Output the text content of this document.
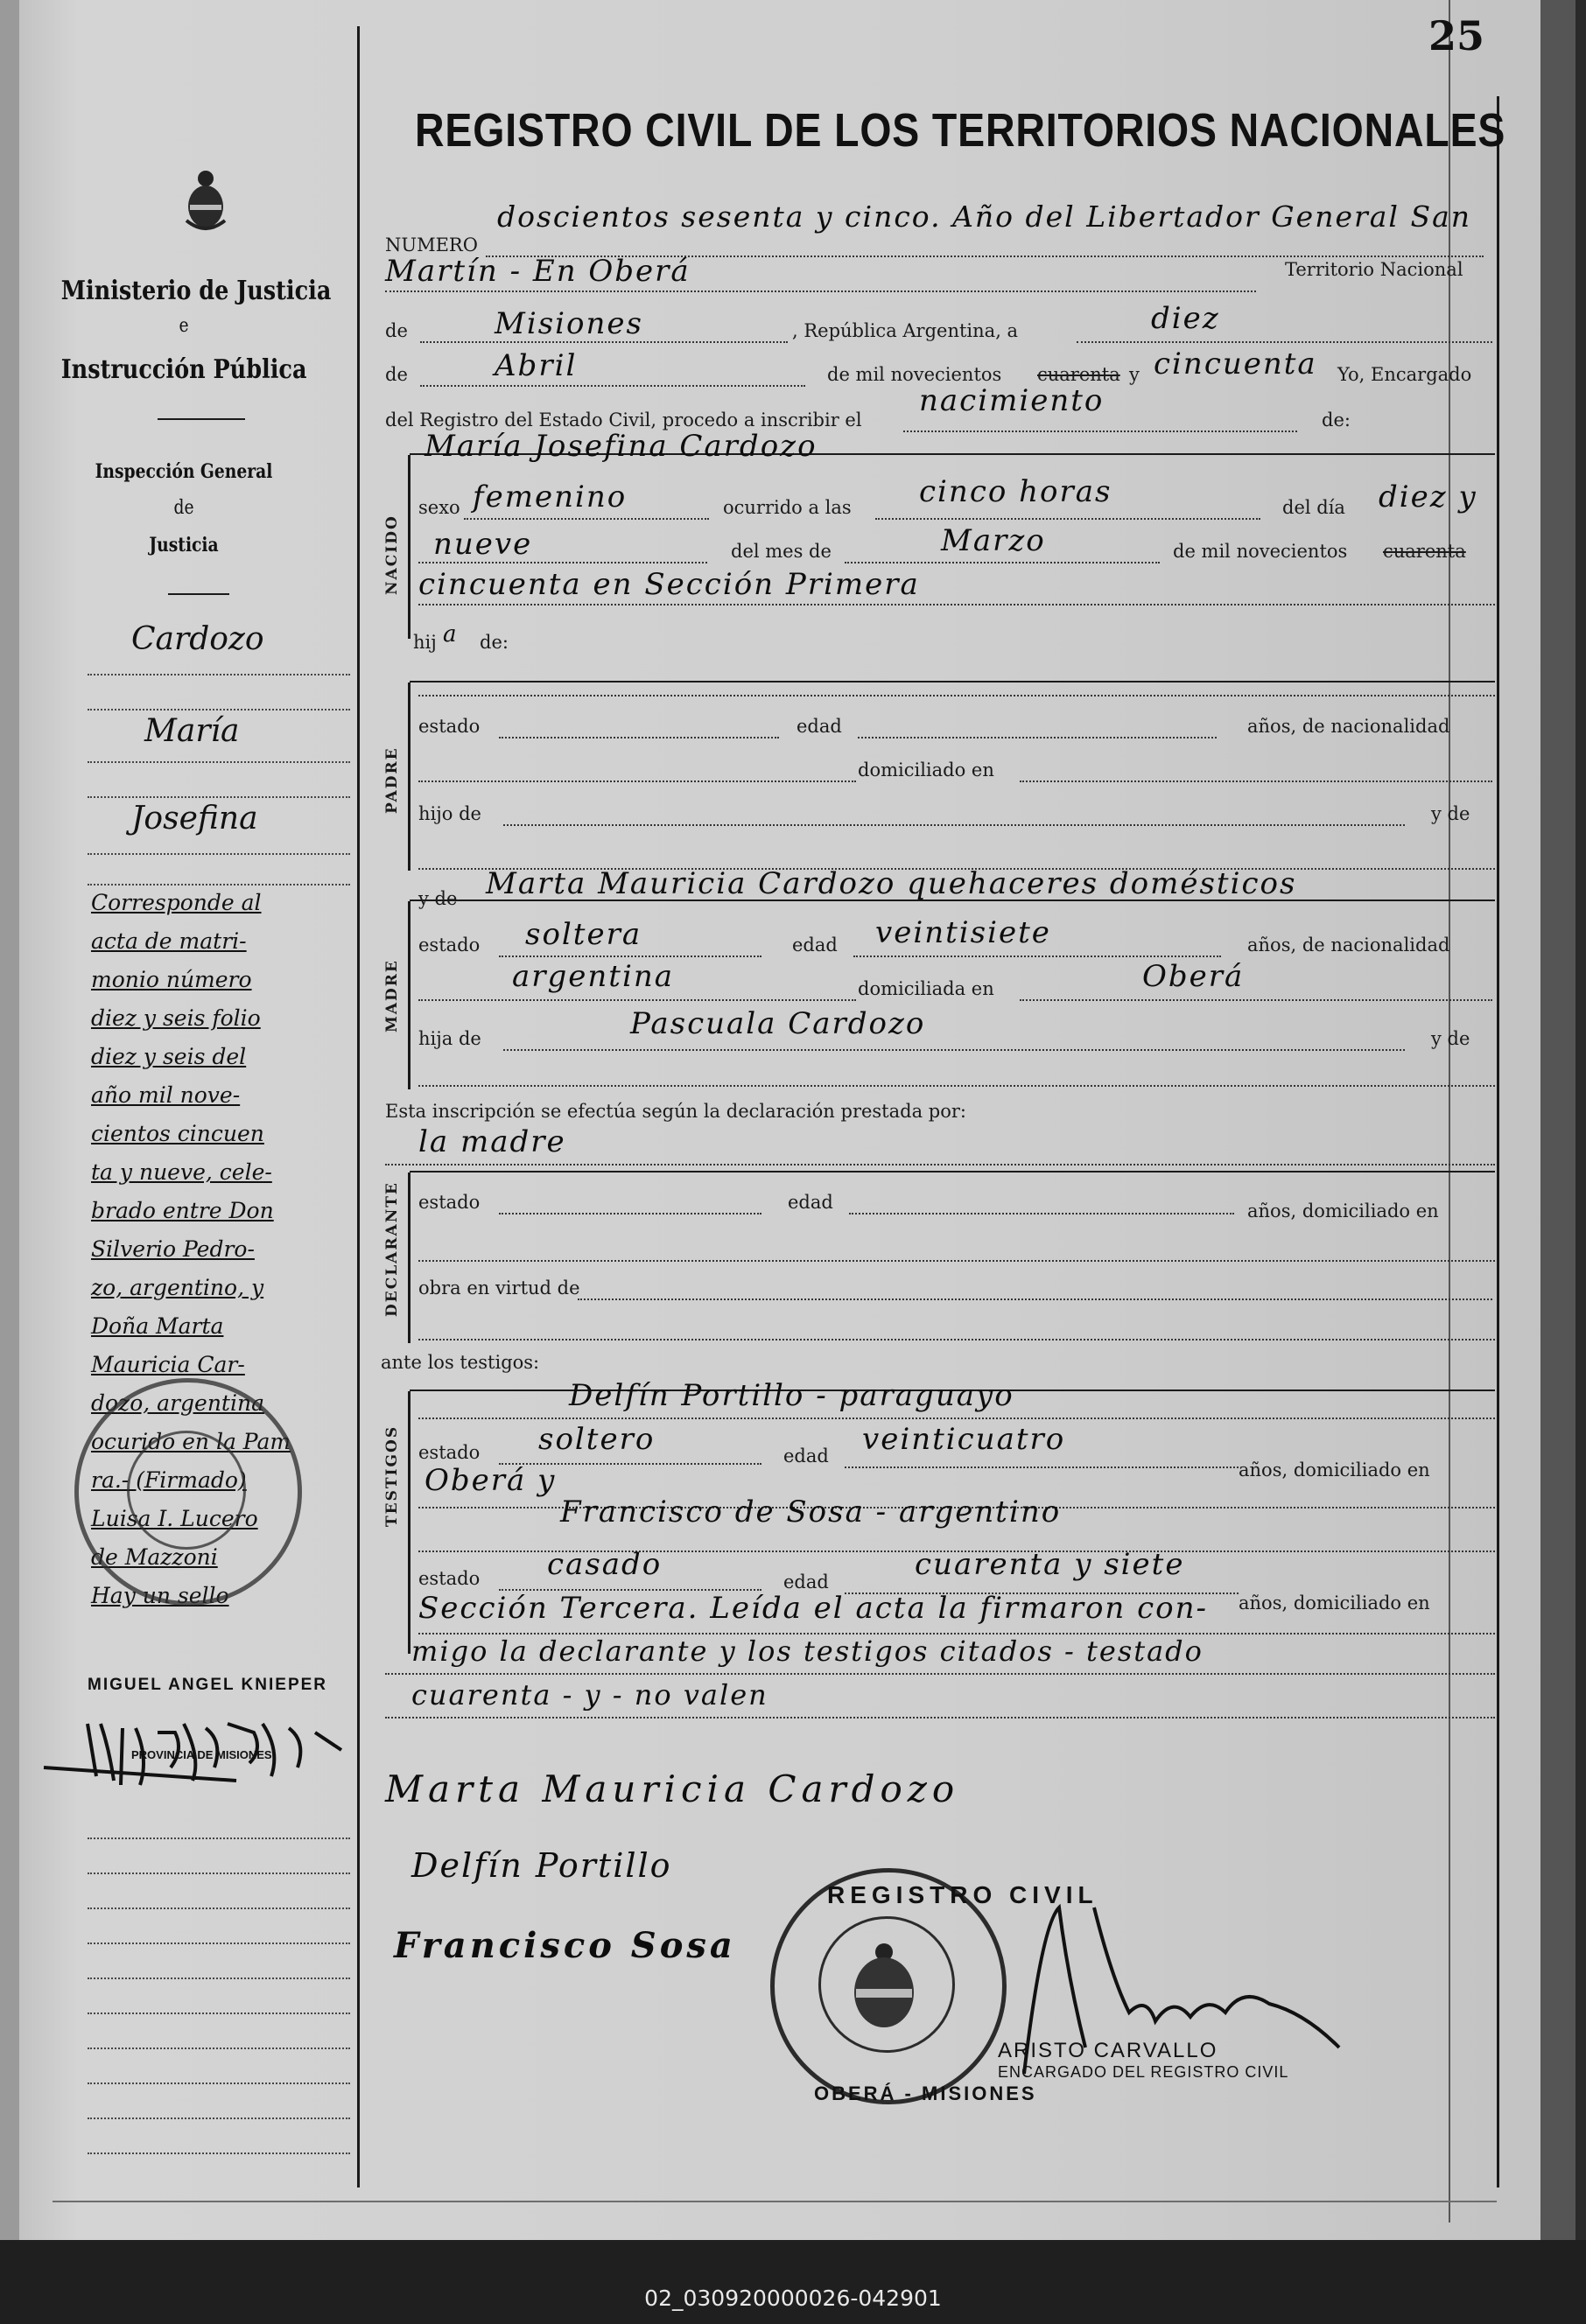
25
REGISTRO CIVIL DE LOS TERRITORIOS NACIONALES
Ministerio de Justicia
e
Instrucción Pública
Inspección General
de
Justicia
Cardozo
María
Josefina
Corresponde al
acta de matri-
monio número
diez y seis folio
diez y seis del
año mil nove-
cientos cincuen
ta y nueve, cele-
brado entre Don
Silverio Pedro-
zo, argentino, y
Doña Marta
Mauricia Car-
dozo, argentina
ocurido en la Pam
ra.- (Firmado)
Luisa I. Lucero
de Mazzoni
Hay un sello
MIGUEL ANGEL KNIEPER
PROVINCIA DE MISIONES
NACIDO
PADRE
MADRE
DECLARANTE
TESTIGOS
NUMERO
doscientos sesenta y cinco. Año del Libertador General San
Martín - En Oberá	Territorio Nacional
de	Misiones	, República Argentina, a	diez
de	Abril	de mil novecientos cuarenta y cincuenta Yo, Encargado
del Registro del Estado Civil, procedo a inscribir el
nacimiento
de:
María Josefina Cardozo
sexo femenino	ocurrido a las cinco horas	del día diez y
nueve	del mes de	Marzo	de mil novecientos cuarenta
cincuenta en Sección Primera
hij a de:
estado	edad	años, de nacionalidad
domiciliado en
hijo de	y de
y de Marta Mauricia Cardozo quehaceres domésticos
estado soltera	edad veintisiete	años, de nacionalidad
argentina	domiciliada en	Oberá
hija de	Pascuala Cardozo	y de
Esta inscripción se efectúa según la declaración prestada por:
la madre
estado	edad	años, domiciliado en
obra en virtud de
ante los testigos:
Delfín Portillo - paraguayo
estado soltero	edad veinticuatro
años, domiciliado en
Oberá y
Francisco de Sosa - argentino
estado casado	edad	cuarenta y siete
años, domiciliado en
Sección Tercera. Leída el acta la firmaron con-
migo la declarante y los testigos citados - testado
cuarenta - y - no valen
Marta Mauricia Cardozo
Delfín Portillo
Francisco Sosa
REGISTRO CIVIL
OBERÁ - MISIONES
ARISTO CARVALLO
ENCARGADO DEL REGISTRO CIVIL
02_030920000026-042901
